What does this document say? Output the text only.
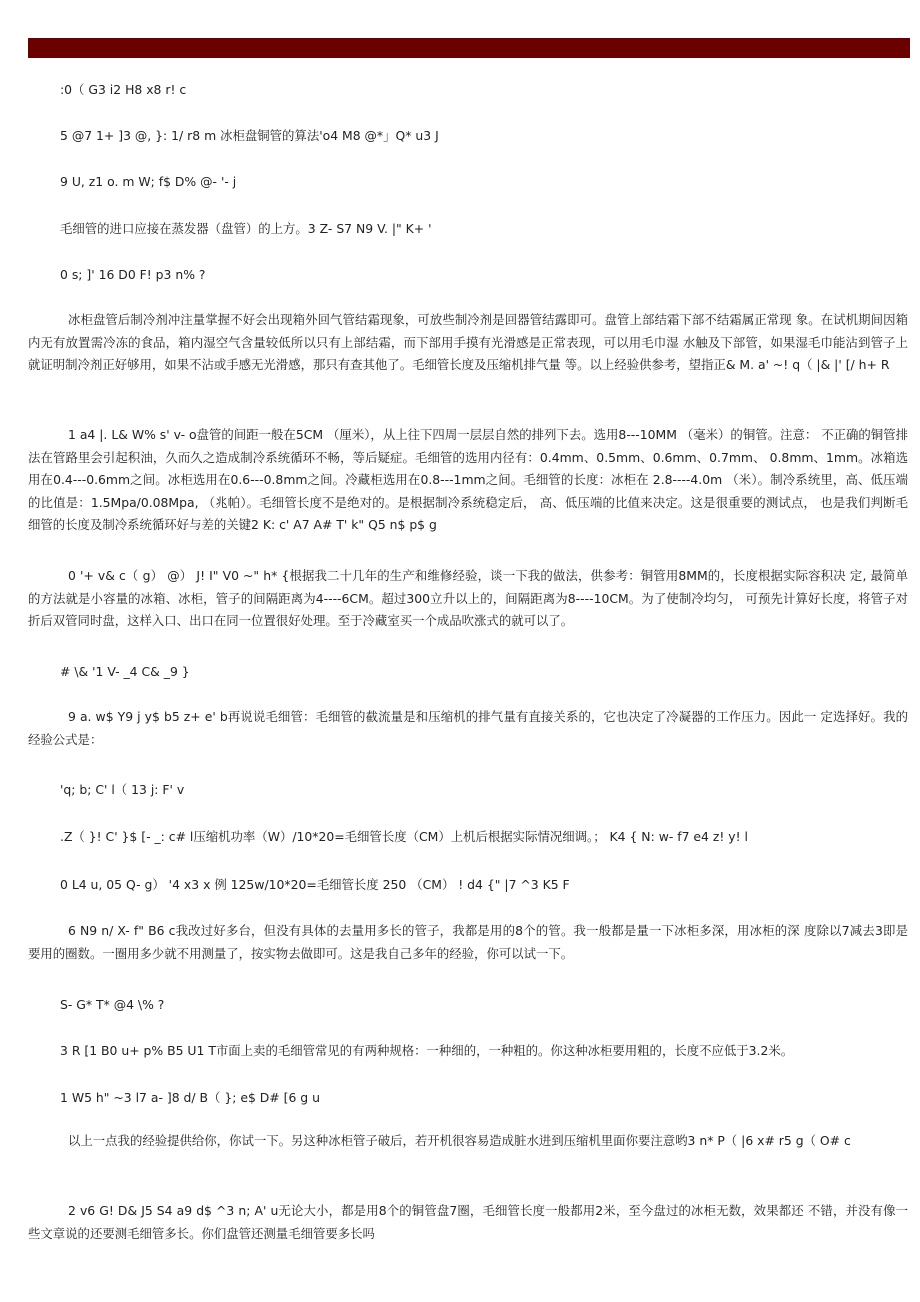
:0（ G3 i2 H8 x8 r! c

5 @7 1+ ]3 @, }: 1/ r8 m 冰柜盘铜管的算法'o4 M8 @*」Q* u3 J

9 U, z1 o. m W; f$ D% @- '- j

毛细管的进口应接在蒸发器（盘管）的上方。3 Z- S7 N9 V. |" K+ '

0 s; ]' 16 D0 F! p3 n% ?

冰柜盘管后制冷剂冲注量掌握不好会出现箱外回气管结霜现象，可放些制冷剂是回器管结露即可。盘管上部结霜下部不结霜属正常现 象。在试机期间因箱内无有放置需冷冻的食品，箱内湿空气含量较低所以只有上部结霜，而下部用手摸有光滑感是正常表现，可以用毛巾湿 水触及下部管，如果湿毛巾能沾到管子上就证明制冷剂正好够用，如果不沾或手感无光滑感，那只有查其他了。毛细管长度及压缩机排气量 等。以上经验供参考，望指正& M. a' ~! q（ |& |' [/ h+ R

1 a4 |. L& W% s' v- o盘管的间距一般在5CM （厘米），从上往下四周一层层自然的排列下去。选用8---10MM （毫米）的铜管。注意： 不正确的铜管排法在管路里会引起积油，久而久之造成制冷系统循环不畅，等后疑症。毛细管的选用内径有：0.4mm、0.5mm、0.6mm、0.7mm、 0.8mm、1mm。冰箱选用在0.4---0.6mm之间。冰柜选用在0.6---0.8mm之间。冷藏柜选用在0.8---1mm之间。毛细管的长度：冰柜在 2.8----4.0m （米）。制冷系统里，高、低压端的比值是：1.5Mpa/0.08Mpa, （兆帕）。毛细管长度不是绝对的。是根据制冷系统稳定后， 高、低压端的比值来决定。这是很重要的测试点， 也是我们判断毛细管的长度及制冷系统循环好与差的关键2 K: c' A7 A# T' k" Q5 n$ p$ g

0 '+ v& c（ g） @） J! I" V0 ~" h* {根据我二十几年的生产和维修经验，谈一下我的做法，供参考：铜管用8MM的，长度根据实际容积决 定, 最简单的方法就是小容量的冰箱、冰柜，管子的间隔距离为4----6CM。超过300立升以上的，间隔距离为8----10CM。为了使制冷均匀， 可预先计算好长度，将管子对折后双管同时盘，这样入口、出口在同一位置很好处理。至于冷藏室买一个成品吹涨式的就可以了。

# \& '1 V- _4 C& _9 }

9 a. w$ Y9 j y$ b5 z+ e' b再说说毛细管：毛细管的截流量是和压缩机的排气量有直接关系的，它也决定了冷凝器的工作压力。因此一 定选择好。我的经验公式是：

'q; b; C' l（ 13 j: F' v

.Z（ }! C' }$ [- _: c# l压缩机功率（W）/10*20=毛细管长度（CM）上机后根据实际情况细调。； K4 { N: w- f7 e4 z! y! l

0 L4 u, 05 Q- g） '4 x3 x 例 125w/10*20=毛细管长度 250 （CM） ! d4 {" |7 ^3 K5 F

6 N9 n/ X- f" B6 c我改过好多台，但没有具体的去量用多长的管子，我都是用的8个的管。我一般都是量一下冰柜多深，用冰柜的深 度除以7减去3即是要用的圈数。一圈用多少就不用测量了，按实物去做即可。这是我自己多年的经验，你可以试一下。

S- G* T* @4 \% ?

3 R [1 B0 u+ p% B5 U1 T市面上卖的毛细管常见的有两种规格：一种细的，一种粗的。你这种冰柜要用粗的，长度不应低于3.2米。

1 W5 h" ~3 l7 a- ]8 d/ B（ }; e$ D# [6 g u

以上一点我的经验提供给你，你试一下。另这种冰柜管子破后，若开机很容易造成脏水进到压缩机里面你要注意哟3 n* P（ |6 x# r5 g（ O# c

2 v6 G! D& J5 S4 a9 d$ ^3 n; A' u无论大小，都是用8个的铜管盘7圈，毛细管长度一般都用2米，至今盘过的冰柜无数，效果都还 不错，并没有像一些文章说的还要测毛细管多长。你们盘管还测量毛细管要多长吗
